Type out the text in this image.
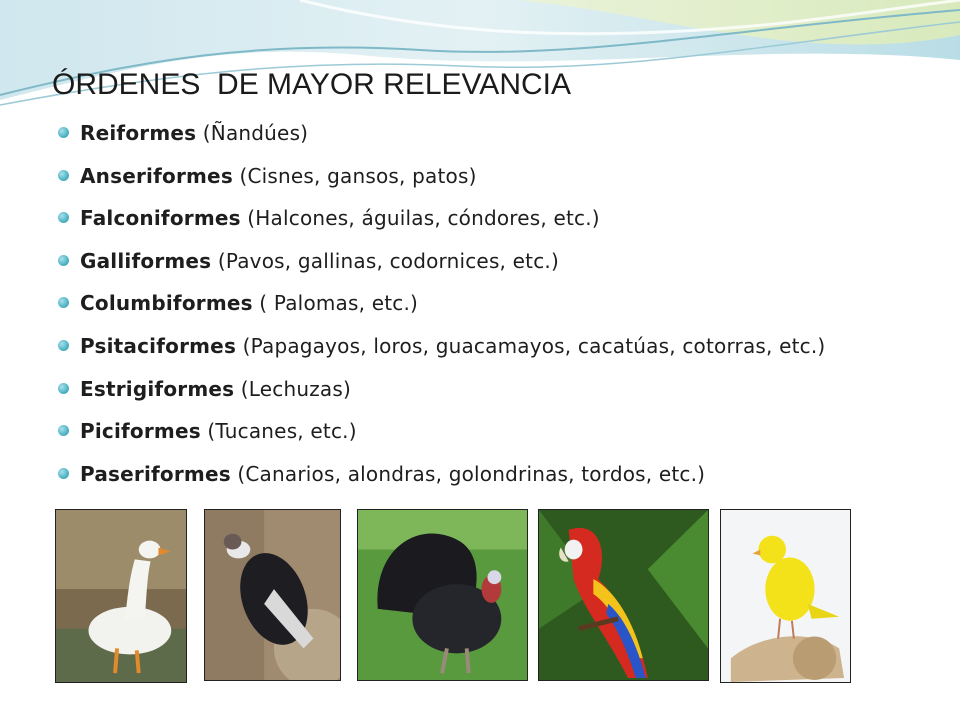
ÓRDENES  DE MAYOR RELEVANCIA
Reiformes (Ñandúes)
Anseriformes (Cisnes, gansos, patos)
Falconiformes (Halcones, águilas, cóndores, etc.)
Galliformes (Pavos, gallinas, codornices, etc.)
Columbiformes ( Palomas, etc.)
Psitaciformes (Papagayos, loros, guacamayos, cacatúas, cotorras, etc.)
Estrigiformes (Lechuzas)
Piciformes (Tucanes, etc.)
Paseriformes (Canarios, alondras, golondrinas, tordos, etc.)
